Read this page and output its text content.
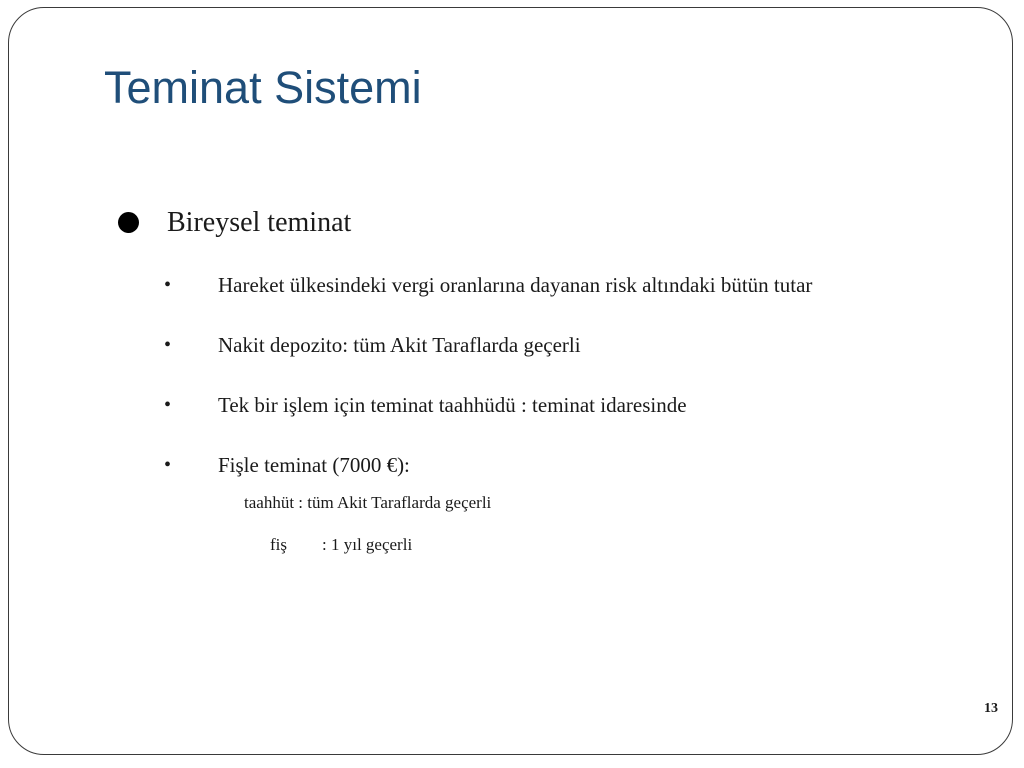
Teminat Sistemi
Bireysel teminat
• Hareket ülkesindeki vergi oranlarına dayanan risk altındaki bütün tutar
• Nakit depozito: tüm Akit Taraflarda geçerli
• Tek bir işlem için teminat taahhüdü : teminat idaresinde
• Fişle teminat (7000 €):
taahhüt : tüm Akit Taraflarda geçerli
fiş : 1 yıl geçerli
13
